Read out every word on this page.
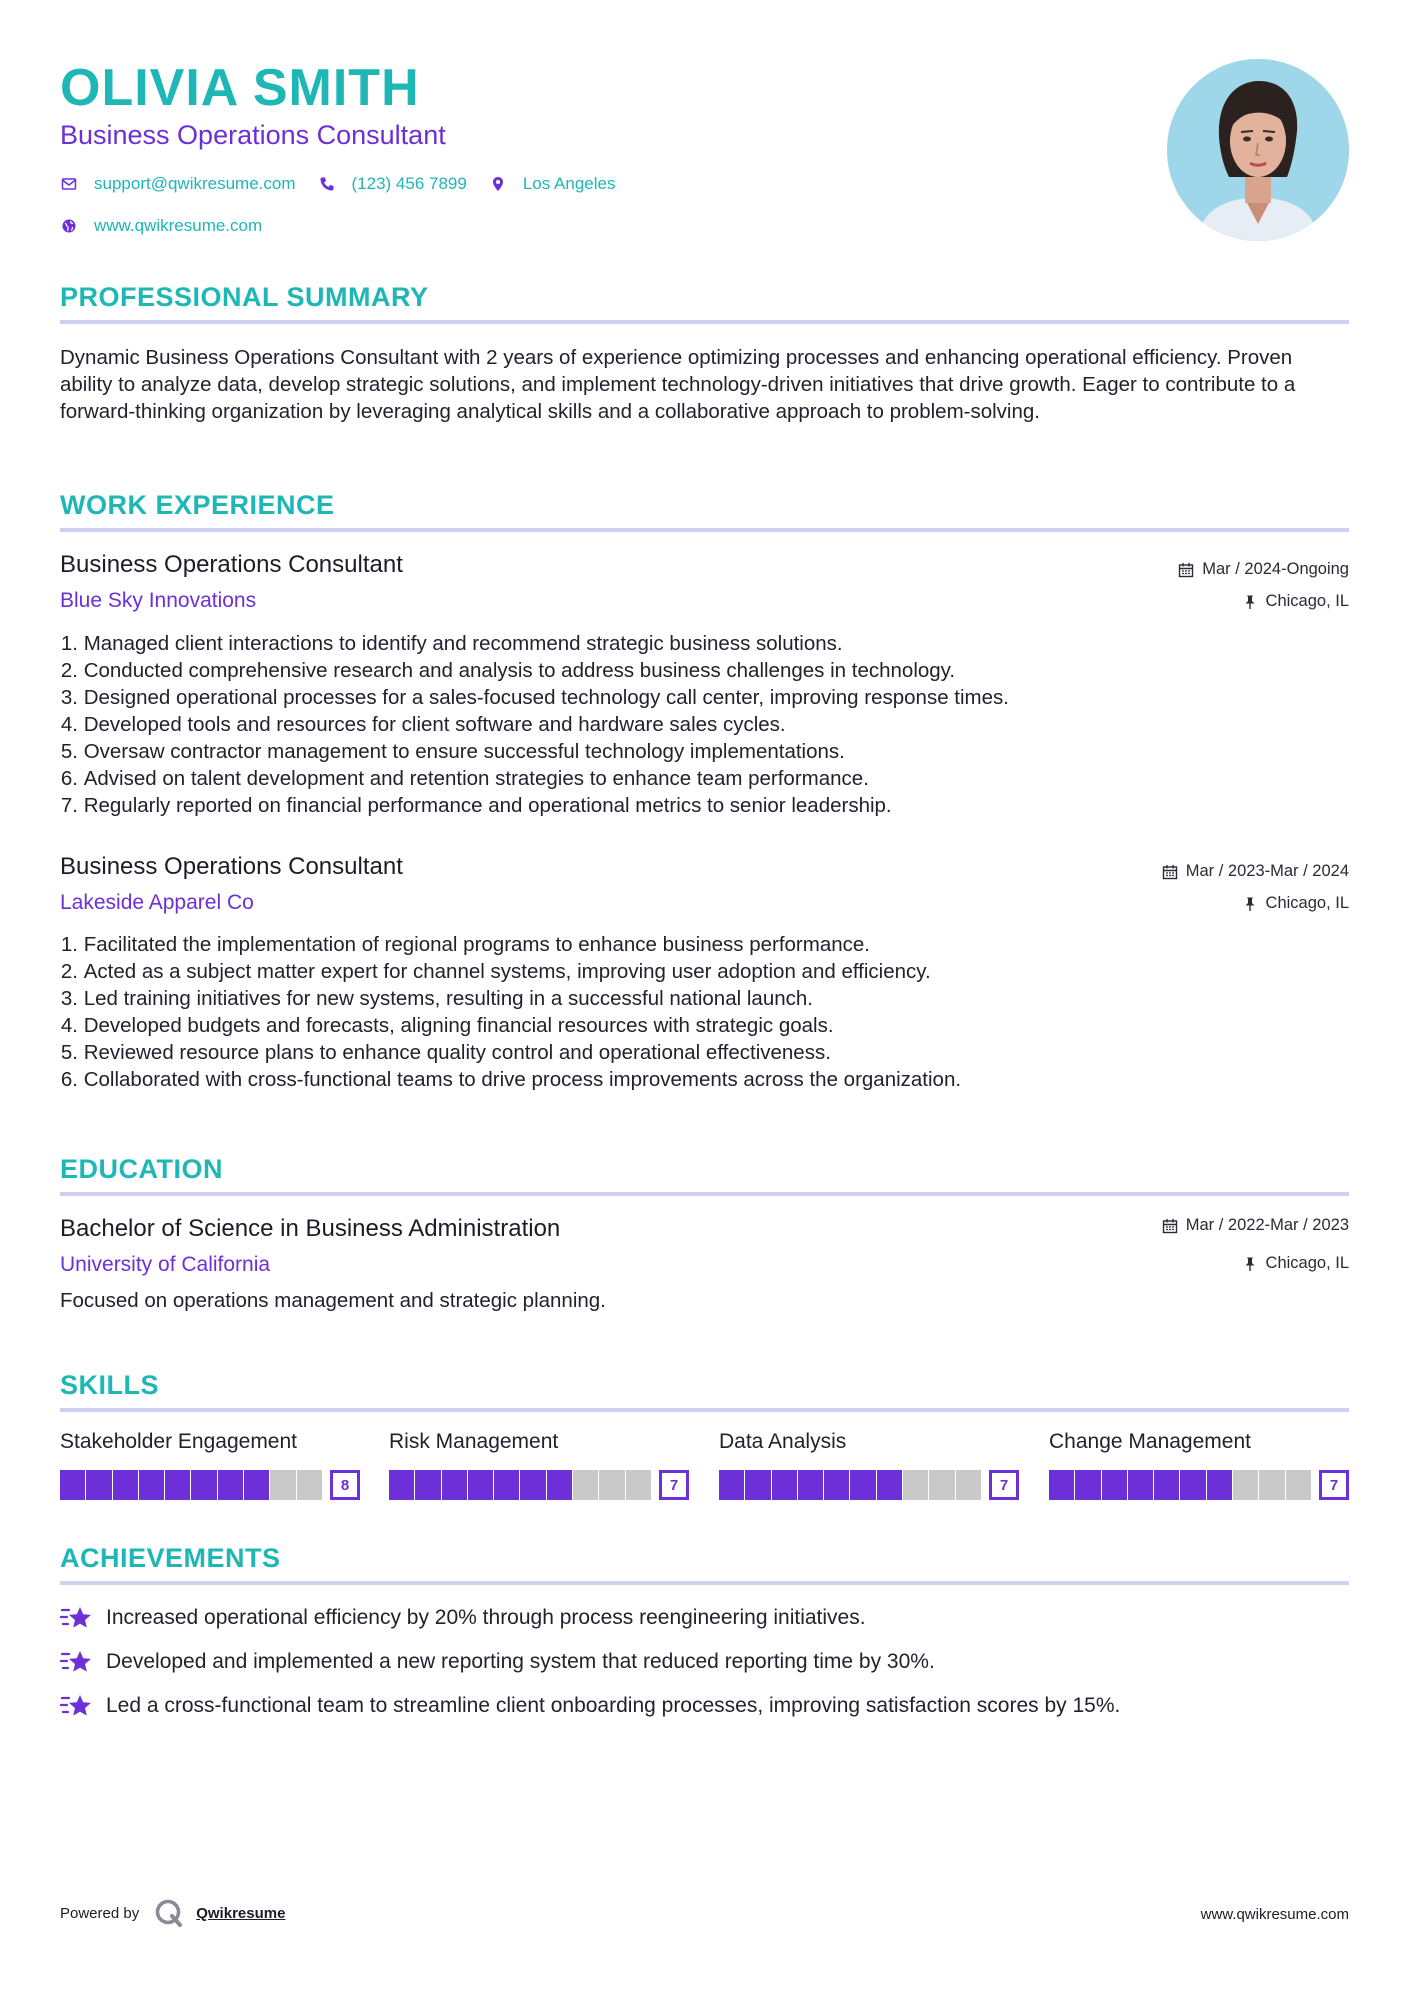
OLIVIA SMITH
Business Operations Consultant
support@qwikresume.com	(123) 456 7899	Los Angeles
www.qwikresume.com
PROFESSIONAL SUMMARY
Dynamic Business Operations Consultant with 2 years of experience optimizing processes and enhancing operational efficiency. Proven ability to analyze data, develop strategic solutions, and implement technology-driven initiatives that drive growth. Eager to contribute to a forward-thinking organization by leveraging analytical skills and a collaborative approach to problem-solving.
WORK EXPERIENCE
Business Operations Consultant
Blue Sky Innovations
Mar / 2024-Ongoing
Chicago, IL
1.
Managed client interactions to identify and recommend strategic business solutions.
2.
Conducted comprehensive research and analysis to address business challenges in technology.
3.
Designed operational processes for a sales-focused technology call center, improving response times.
4.
Developed tools and resources for client software and hardware sales cycles.
5.
Oversaw contractor management to ensure successful technology implementations.
6.
Advised on talent development and retention strategies to enhance team performance.
7.
Regularly reported on financial performance and operational metrics to senior leadership.
Business Operations Consultant
Lakeside Apparel Co
Mar / 2023-Mar / 2024
Chicago, IL
1.
Facilitated the implementation of regional programs to enhance business performance.
2.
Acted as a subject matter expert for channel systems, improving user adoption and efficiency.
3.
Led training initiatives for new systems, resulting in a successful national launch.
4.
Developed budgets and forecasts, aligning financial resources with strategic goals.
5.
Reviewed resource plans to enhance quality control and operational effectiveness.
6.
Collaborated with cross-functional teams to drive process improvements across the organization.
EDUCATION
Bachelor of Science in Business Administration
University of California
Mar / 2022-Mar / 2023
Chicago, IL
Focused on operations management and strategic planning.
SKILLS
Stakeholder Engagement
8
Risk Management
7
Data Analysis
7
Change Management
7
ACHIEVEMENTS
Increased operational efficiency by 20% through process reengineering initiatives.
Developed and implemented a new reporting system that reduced reporting time by 30%.
Led a cross-functional team to streamline client onboarding processes, improving satisfaction scores by 15%.
Powered by	Qwikresume	www.qwikresume.com
